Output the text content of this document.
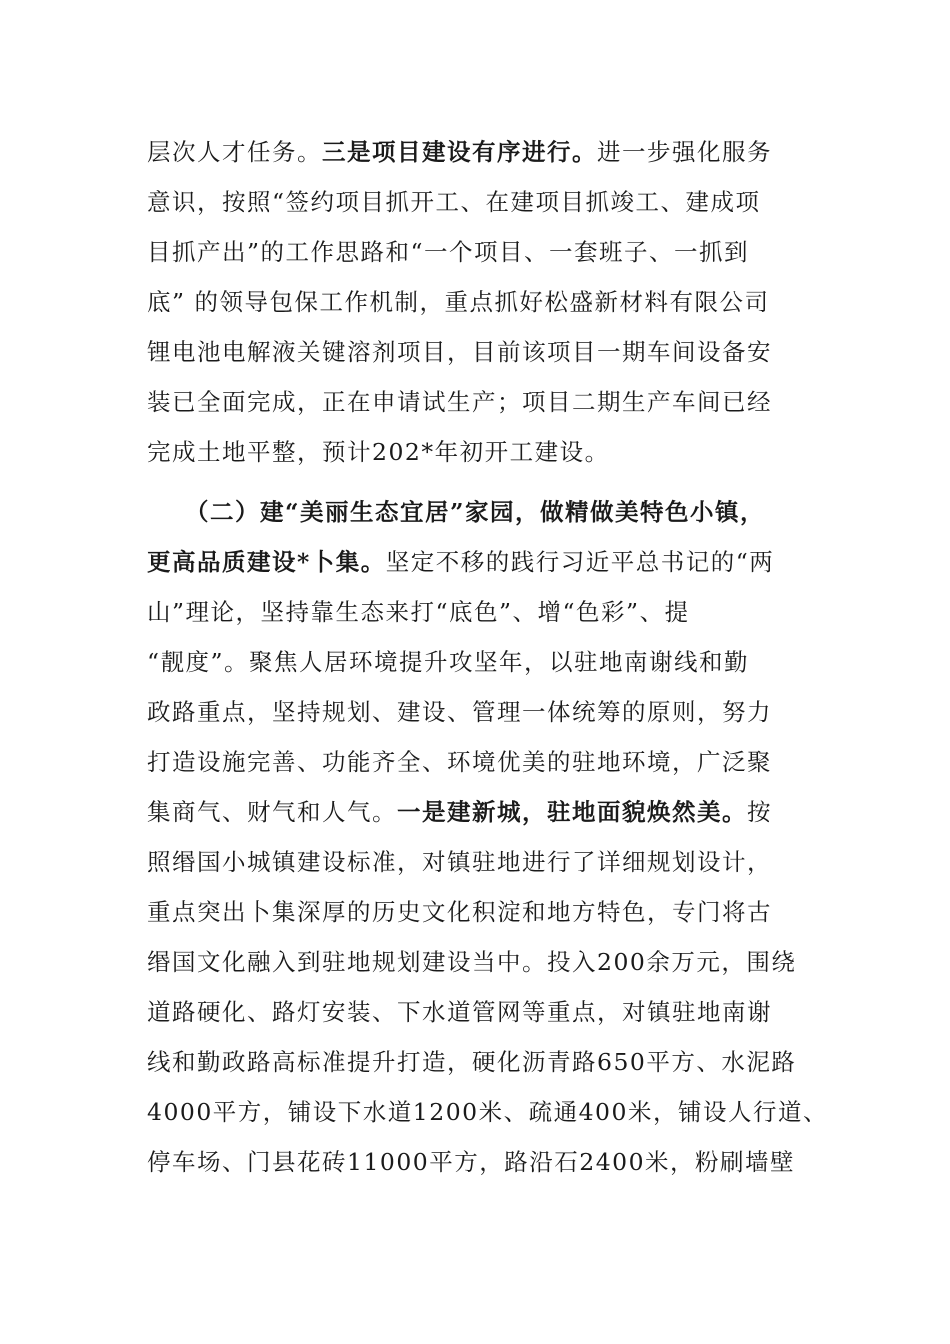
层次人才任务。三是项目建设有序进行。进一步强化服务
意识，按照“签约项目抓开工、在建项目抓竣工、建成项
目抓产出”的工作思路和“一个项目、一套班子、一抓到
底” 的领导包保工作机制，重点抓好松盛新材料有限公司
锂电池电解液关键溶剂项目，目前该项目一期车间设备安
装已全面完成，正在申请试生产；项目二期生产车间已经
完成土地平整，预计202*年初开工建设。
（二）建“美丽生态宜居”家园，做精做美特色小镇，
更高品质建设*卜集。坚定不移的践行习近平总书记的“两
山”理论，坚持靠生态来打“底色”、增“色彩”、提
“靓度”。聚焦人居环境提升攻坚年，以驻地南谢线和勤
政路重点，坚持规划、建设、管理一体统筹的原则，努力
打造设施完善、功能齐全、环境优美的驻地环境，广泛聚
集商气、财气和人气。一是建新城，驻地面貌焕然美。按
照缗国小城镇建设标准，对镇驻地进行了详细规划设计，
重点突出卜集深厚的历史文化积淀和地方特色，专门将古
缗国文化融入到驻地规划建设当中。投入200余万元，围绕
道路硬化、路灯安装、下水道管网等重点，对镇驻地南谢
线和勤政路高标准提升打造，硬化沥青路650平方、水泥路
4000平方，铺设下水道1200米、疏通400米，铺设人行道、
停车场、门县花砖11000平方，路沿石2400米，粉刷墙壁
